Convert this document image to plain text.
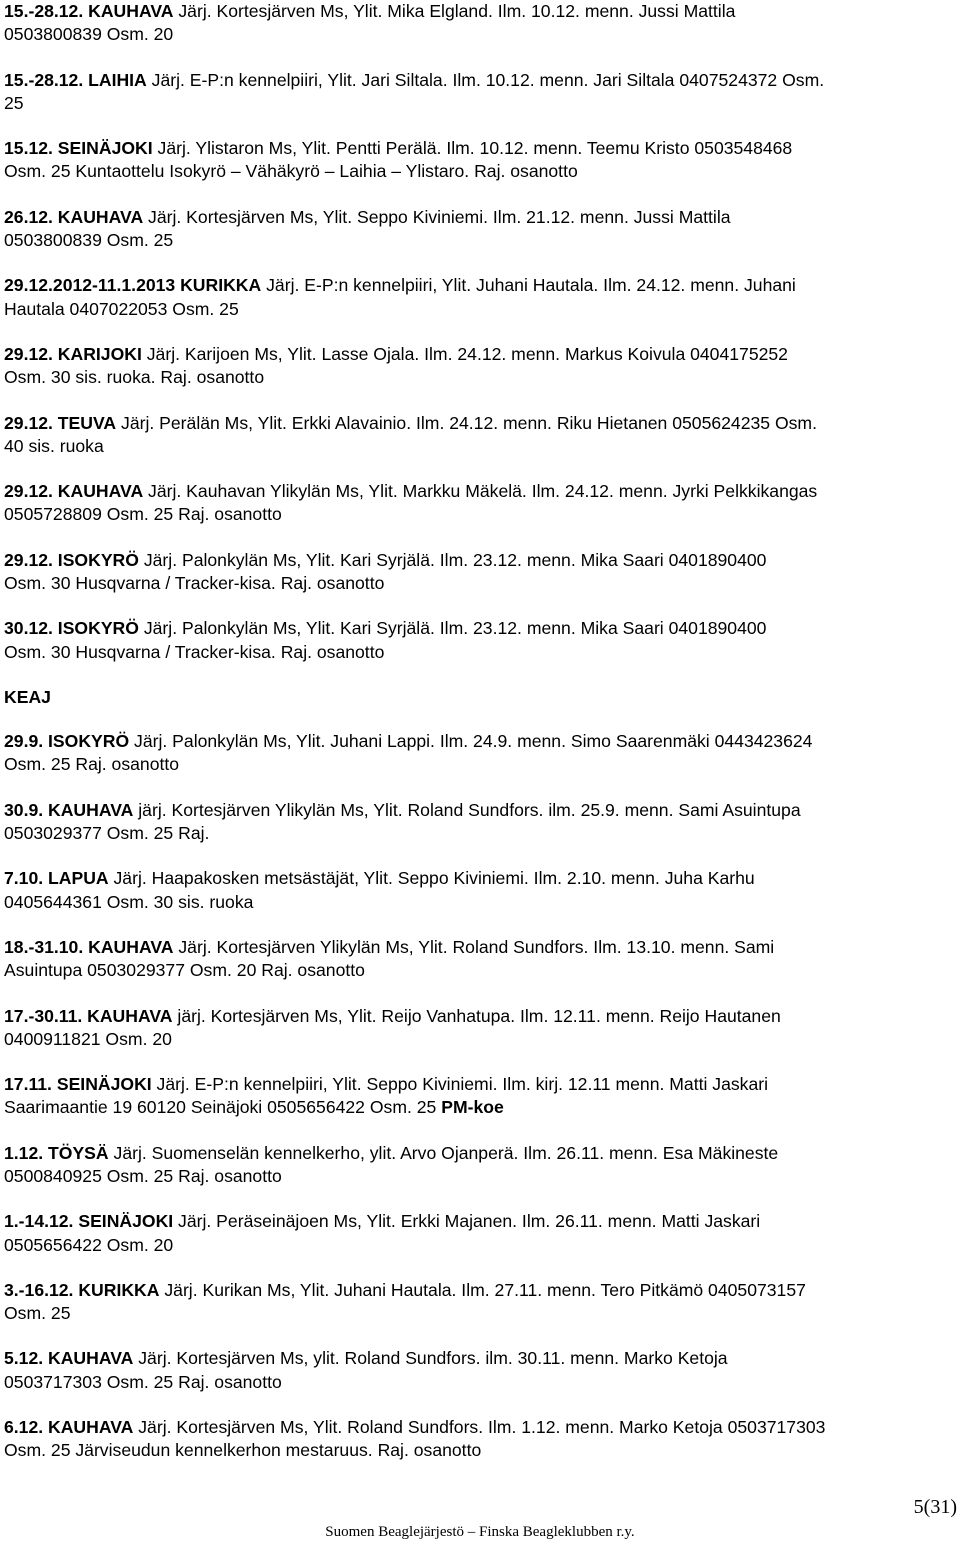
15.-28.12. KAUHAVA Järj. Kortesjärven Ms, Ylit. Mika Elgland. Ilm. 10.12. menn. Jussi Mattila

0503800839 Osm. 20

15.-28.12. LAIHIA Järj. E-P:n kennelpiiri, Ylit. Jari Siltala. Ilm. 10.12. menn. Jari Siltala 0407524372 Osm.

25

15.12. SEINÄJOKI Järj. Ylistaron Ms, Ylit. Pentti Perälä. Ilm. 10.12. menn. Teemu Kristo 0503548468

Osm. 25 Kuntaottelu Isokyrö – Vähäkyrö – Laihia – Ylistaro. Raj. osanotto

26.12. KAUHAVA Järj. Kortesjärven Ms, Ylit. Seppo Kiviniemi. Ilm. 21.12. menn. Jussi Mattila

0503800839 Osm. 25

29.12.2012-11.1.2013 KURIKKA Järj. E-P:n kennelpiiri, Ylit. Juhani Hautala. Ilm. 24.12. menn. Juhani

Hautala 0407022053 Osm. 25

29.12. KARIJOKI Järj. Karijoen Ms, Ylit. Lasse Ojala. Ilm. 24.12. menn. Markus Koivula 0404175252

Osm. 30 sis. ruoka. Raj. osanotto

29.12. TEUVA Järj. Perälän Ms, Ylit. Erkki Alavainio. Ilm. 24.12. menn. Riku Hietanen 0505624235 Osm.

40 sis. ruoka

29.12. KAUHAVA Järj. Kauhavan Ylikylän Ms, Ylit. Markku Mäkelä. Ilm. 24.12. menn. Jyrki Pelkkikangas

0505728809 Osm. 25 Raj. osanotto

29.12. ISOKYRÖ Järj. Palonkylän Ms, Ylit. Kari Syrjälä. Ilm. 23.12. menn. Mika Saari 0401890400

Osm. 30 Husqvarna / Tracker-kisa. Raj. osanotto

30.12. ISOKYRÖ Järj. Palonkylän Ms, Ylit. Kari Syrjälä. Ilm. 23.12. menn. Mika Saari 0401890400

Osm. 30 Husqvarna / Tracker-kisa. Raj. osanotto

KEAJ

29.9. ISOKYRÖ Järj. Palonkylän Ms, Ylit. Juhani Lappi. Ilm. 24.9. menn. Simo Saarenmäki 0443423624

Osm. 25 Raj. osanotto

30.9. KAUHAVA järj. Kortesjärven Ylikylän Ms, Ylit. Roland Sundfors. ilm. 25.9. menn. Sami Asuintupa

0503029377 Osm. 25 Raj.

7.10. LAPUA Järj. Haapakosken metsästäjät, Ylit. Seppo Kiviniemi. Ilm. 2.10. menn. Juha Karhu

0405644361 Osm. 30 sis. ruoka

18.-31.10. KAUHAVA Järj. Kortesjärven Ylikylän Ms, Ylit. Roland Sundfors. Ilm. 13.10. menn. Sami

Asuintupa 0503029377 Osm. 20 Raj. osanotto

17.-30.11. KAUHAVA järj. Kortesjärven Ms, Ylit. Reijo Vanhatupa. Ilm. 12.11. menn. Reijo Hautanen

0400911821 Osm. 20

17.11. SEINÄJOKI Järj. E-P:n kennelpiiri, Ylit. Seppo Kiviniemi. Ilm. kirj. 12.11 menn. Matti Jaskari

Saarimaantie 19 60120 Seinäjoki 0505656422 Osm. 25 PM-koe

1.12. TÖYSÄ Järj. Suomenselän kennelkerho, ylit. Arvo Ojanperä. Ilm. 26.11. menn. Esa Mäkineste

0500840925 Osm. 25 Raj. osanotto

1.-14.12. SEINÄJOKI Järj. Peräseinäjoen Ms, Ylit. Erkki Majanen. Ilm. 26.11. menn. Matti Jaskari

0505656422 Osm. 20

3.-16.12. KURIKKA Järj. Kurikan Ms, Ylit. Juhani Hautala. Ilm. 27.11. menn. Tero Pitkämö 0405073157

Osm. 25

5.12. KAUHAVA Järj. Kortesjärven Ms, ylit. Roland Sundfors. ilm. 30.11. menn. Marko Ketoja

0503717303 Osm. 25 Raj. osanotto

6.12. KAUHAVA Järj. Kortesjärven Ms, Ylit. Roland Sundfors. Ilm. 1.12. menn. Marko Ketoja 0503717303

Osm. 25 Järviseudun kennelkerhon mestaruus. Raj. osanotto

5(31)
Suomen Beaglejärjestö – Finska Beagleklubben r.y.
